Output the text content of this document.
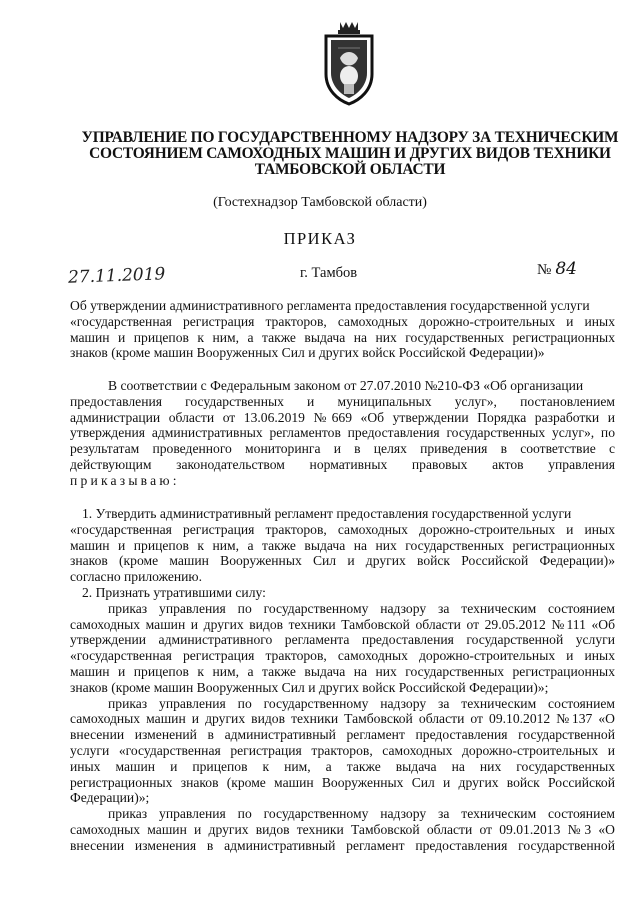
УПРАВЛЕНИЕ ПО ГОСУДАРСТВЕННОМУ НАДЗОРУ ЗА ТЕХНИЧЕСКИМ
СОСТОЯНИЕМ САМОХОДНЫХ МАШИН И ДРУГИХ ВИДОВ ТЕХНИКИ
ТАМБОВСКОЙ ОБЛАСТИ
(Гостехнадзор Тамбовской области)
ПРИКАЗ
27.11.2019	г. Тамбов	№ 84
Об утверждении административного регламента предоставления государственной услуги
«государственная регистрация тракторов, самоходных дорожно-строительных и иных
машин и прицепов к ним, а также выдача на них государственных регистрационных
знаков (кроме машин Вооруженных Сил и других войск Российской Федерации)»
В соответствии с Федеральным законом от 27.07.2010 №210-ФЗ «Об организации
предоставления государственных и муниципальных услуг», постановлением
администрации области от 13.06.2019 №669 «Об утверждении Порядка разработки и
утверждения административных регламентов предоставления государственных услуг», по
результатам проведенного мониторинга и в целях приведения в соответствие с
действующим законодательством нормативных правовых актов управления
приказываю:
1. Утвердить административный регламент предоставления государственной услуги
«государственная регистрация тракторов, самоходных дорожно-строительных и иных
машин и прицепов к ним, а также выдача на них государственных регистрационных
знаков (кроме машин Вооруженных Сил и других войск Российской Федерации)»
согласно приложению.
2. Признать утратившими силу:
приказ управления по государственному надзору за техническим состоянием
самоходных машин и других видов техники Тамбовской области от 29.05.2012 №111 «Об
утверждении административного регламента предоставления государственной услуги
«государственная регистрация тракторов, самоходных дорожно-строительных и иных
машин и прицепов к ним, а также выдача на них государственных регистрационных
знаков (кроме машин Вооруженных Сил и других войск Российской Федерации)»;
приказ управления по государственному надзору за техническим состоянием
самоходных машин и других видов техники Тамбовской области от 09.10.2012 №137 «О
внесении изменений в административный регламент предоставления государственной
услуги «государственная регистрация тракторов, самоходных дорожно-строительных и
иных машин и прицепов к ним, а также выдача на них государственных
регистрационных знаков (кроме машин Вооруженных Сил и других войск Российской
Федерации)»;
приказ управления по государственному надзору за техническим состоянием
самоходных машин и других видов техники Тамбовской области от 09.01.2013 №3 «О
внесении изменения в административный регламент предоставления государственной
